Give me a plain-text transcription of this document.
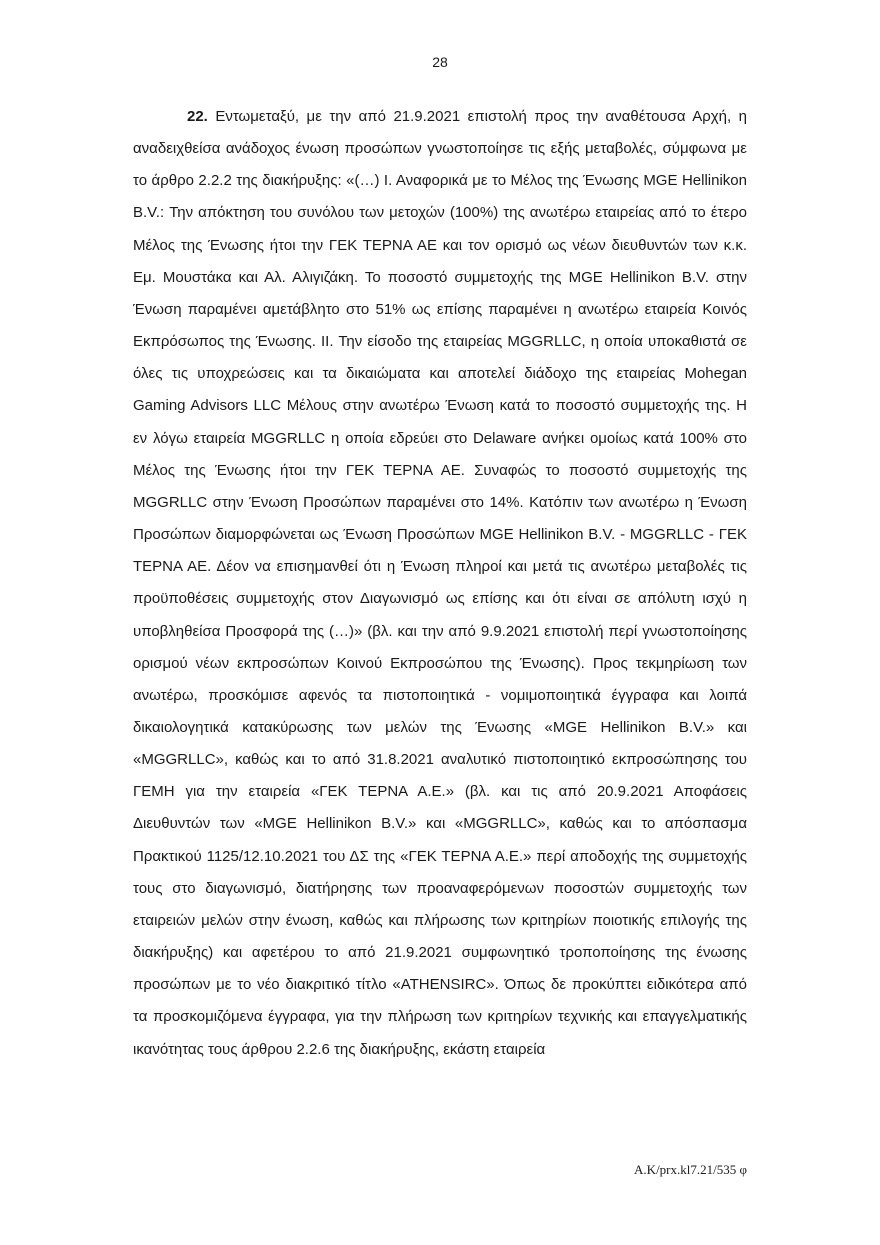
28

22. Εντωμεταξύ, με την από 21.9.2021 επιστολή προς την αναθέτουσα Αρχή, η αναδειχθείσα ανάδοχος ένωση προσώπων γνωστοποίησε τις εξής μεταβολές, σύμφωνα με το άρθρο 2.2.2 της διακήρυξης: «(…) Ι. Αναφορικά με το Μέλος της Ένωσης MGE Hellinikon B.V.: Την απόκτηση του συνόλου των μετοχών (100%) της ανωτέρω εταιρείας από το έτερο Μέλος της Ένωσης ήτοι την ΓΕΚ ΤΕΡΝΑ ΑΕ και τον ορισμό ως νέων διευθυντών των κ.κ. Εμ. Μουστάκα και Αλ. Αλιγιζάκη. Το ποσοστό συμμετοχής της MGE Hellinikon B.V. στην Ένωση παραμένει αμετάβλητο στο 51% ως επίσης παραμένει η ανωτέρω εταιρεία Κοινός Εκπρόσωπος της Ένωσης. ΙΙ. Την είσοδο της εταιρείας MGGRLLC, η οποία υποκαθιστά σε όλες τις υποχρεώσεις και τα δικαιώματα και αποτελεί διάδοχο της εταιρείας Mohegan Gaming Advisors LLC Μέλους στην ανωτέρω Ένωση κατά το ποσοστό συμμετοχής της. Η εν λόγω εταιρεία MGGRLLC η οποία εδρεύει στο Delaware ανήκει ομοίως κατά 100% στο Μέλος της Ένωσης ήτοι την ΓΕΚ ΤΕΡΝΑ ΑΕ. Συναφώς το ποσοστό συμμετοχής της MGGRLLC στην Ένωση Προσώπων παραμένει στο 14%. Κατόπιν των ανωτέρω η Ένωση Προσώπων διαμορφώνεται ως Ένωση Προσώπων MGE Hellinikon B.V. - MGGRLLC - ΓΕΚ ΤΕΡΝΑ ΑΕ. Δέον να επισημανθεί ότι η Ένωση πληροί και μετά τις ανωτέρω μεταβολές τις προϋποθέσεις συμμετοχής στον Διαγωνισμό ως επίσης και ότι είναι σε απόλυτη ισχύ η υποβληθείσα Προσφορά της (…)» (βλ. και την από 9.9.2021 επιστολή περί γνωστοποίησης ορισμού νέων εκπροσώπων Κοινού Εκπροσώπου της Ένωσης). Προς τεκμηρίωση των ανωτέρω, προσκόμισε αφενός τα πιστοποιητικά - νομιμοποιητικά έγγραφα και λοιπά δικαιολογητικά κατακύρωσης των μελών της Ένωσης «MGE Hellinikon B.V.» και «MGGRLLC», καθώς και το από 31.8.2021 αναλυτικό πιστοποιητικό εκπροσώπησης του ΓΕΜΗ για την εταιρεία «ΓΕΚ ΤΕΡΝΑ Α.Ε.» (βλ. και τις από 20.9.2021 Αποφάσεις Διευθυντών των «MGE Hellinikon B.V.» και «MGGRLLC», καθώς και το απόσπασμα Πρακτικού 1125/12.10.2021 του ΔΣ της «ΓΕΚ ΤΕΡΝΑ Α.Ε.» περί αποδοχής της συμμετοχής τους στο διαγωνισμό, διατήρησης των προαναφερόμενων ποσοστών συμμετοχής των εταιρειών μελών στην ένωση, καθώς και πλήρωσης των κριτηρίων ποιοτικής επιλογής της διακήρυξης) και αφετέρου το από 21.9.2021 συμφωνητικό τροποποίησης της ένωσης προσώπων με το νέο διακριτικό τίτλο «ATHENSIRC». Όπως δε προκύπτει ειδικότερα από τα προσκομιζόμενα έγγραφα, για την πλήρωση των κριτηρίων τεχνικής και επαγγελματικής ικανότητας τους άρθρου 2.2.6 της διακήρυξης, εκάστη εταιρεία

Α.Κ/prx.kl7.21/535 φ
